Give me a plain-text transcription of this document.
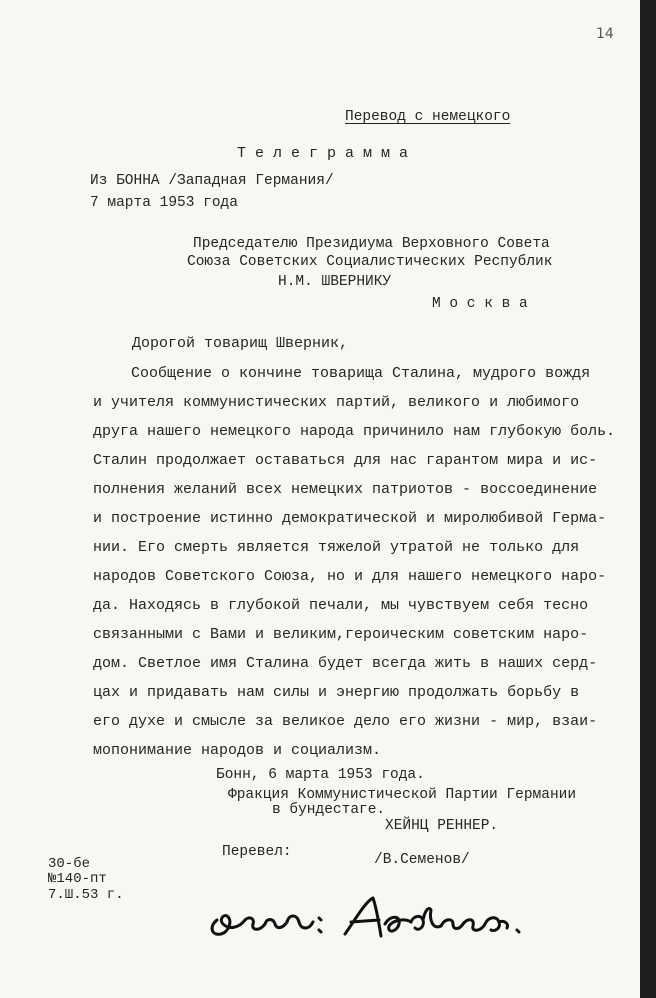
14
Перевод с немецкого
Т е л е г р а м м а
Из БОННА /Западная Германия/
7 марта 1953 года
Председателю Президиума Верховного Совета
Союза Советских Социалистических Республик
Н.М. ШВЕРНИКУ
М о с к в а
Дорогой товарищ Шверник,
Сообщение о кончине товарища Сталина, мудрого вождя
и учителя коммунистических партий, великого и любимого
друга нашего немецкого народа причинило нам глубокую боль.
Сталин продолжает оставаться для нас гарантом мира и ис-
полнения желаний всех немецких патриотов - воссоединение
и построение истинно демократической и миролюбивой Герма-
нии. Его смерть является тяжелой утратой не только для
народов Советского Союза, но и для нашего немецкого наро-
да. Находясь в глубокой печали, мы чувствуем себя тесно
связанными с Вами и великим,героическим советским наро-
дом. Светлое имя Сталина будет всегда жить в наших серд-
цах и придавать нам силы и энергию продолжать борьбу в
его духе и смысле за великое дело его жизни - мир, взаи-
мопонимание народов и социализм.
Бонн, 6 марта 1953 года.
Фракция Коммунистической Партии Германии
в бундестаге.
ХЕЙНЦ РЕННЕР.
Перевел:	/В.Семенов/
30-бе
№140-пт
7.Ш.53 г.
верно: Авдощуков.
